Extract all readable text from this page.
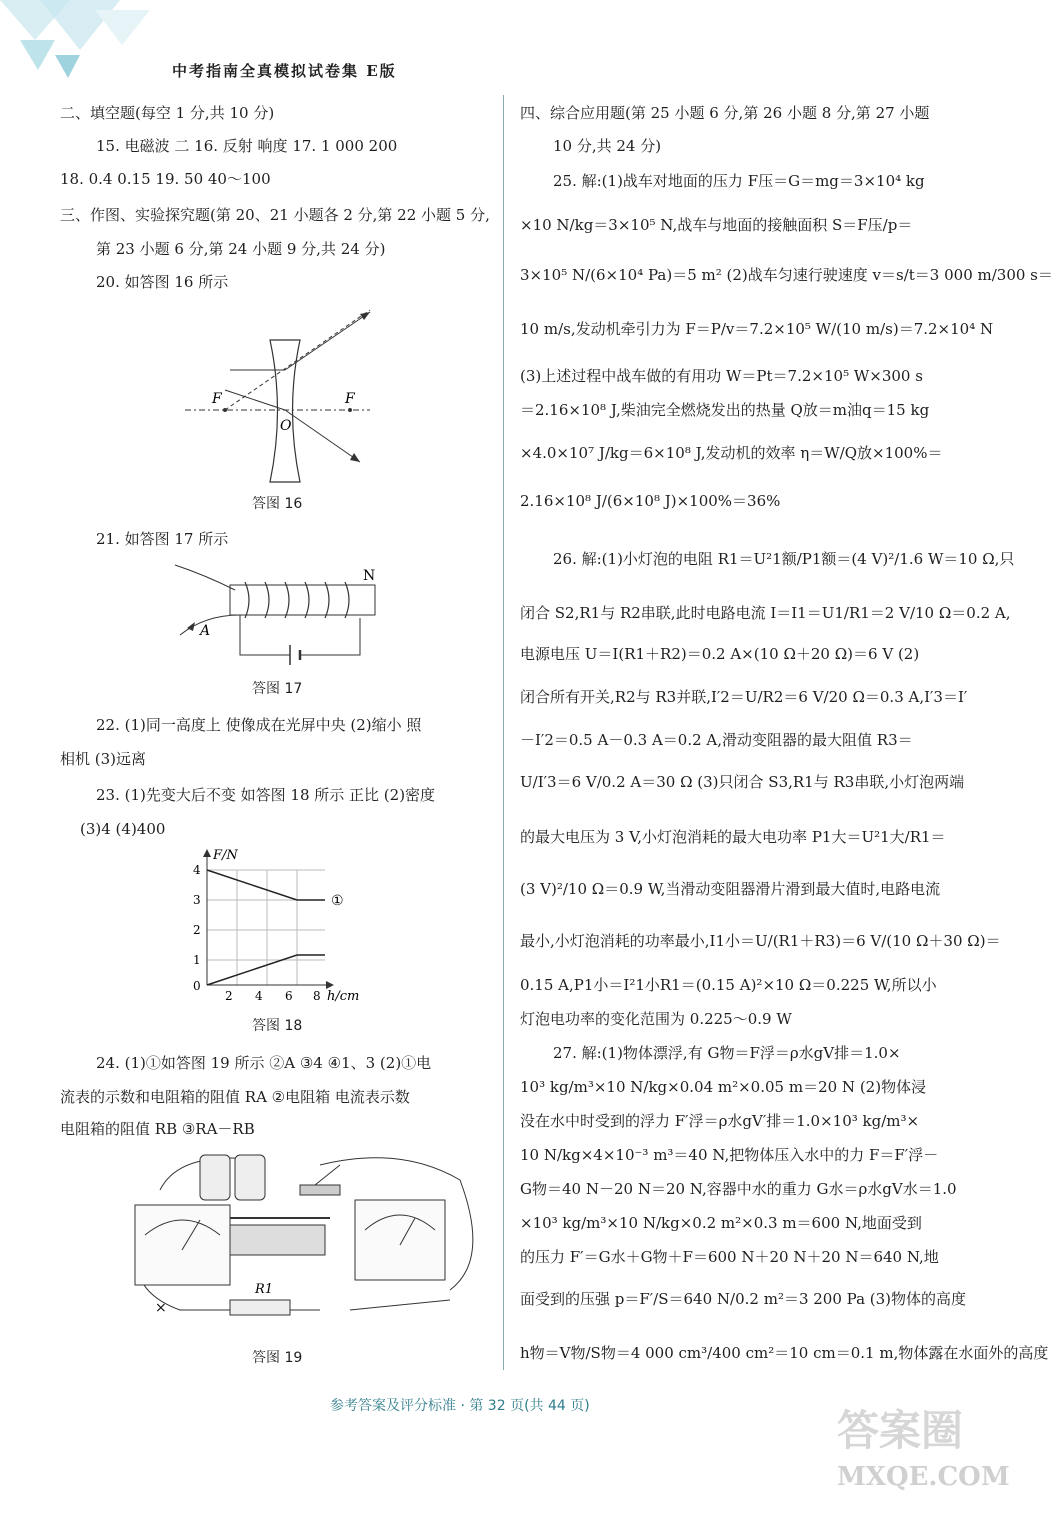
中考指南全真模拟试卷集 E版
二、填空题(每空 1 分,共 10 分)
15. 电磁波 二 16. 反射 响度 17. 1 000 200
18. 0.4 0.15 19. 50 40～100
三、作图、实验探究题(第 20、21 小题各 2 分,第 22 小题 5 分,
第 23 小题 6 分,第 24 小题 9 分,共 24 分)
20. 如答图 16 所示
21. 如答图 17 所示
22. (1)同一高度上 使像成在光屏中央 (2)缩小 照
相机 (3)远离
23. (1)先变大后不变 如答图 18 所示 正比 (2)密度
(3)4 (4)400
24. (1)①如答图 19 所示 ②A ③4 ④1、3 (2)①电
流表的示数和电阻箱的阻值 RA ②电阻箱 电流表示数
电阻箱的阻值 RB ③RA－RB
四、综合应用题(第 25 小题 6 分,第 26 小题 8 分,第 27 小题
10 分,共 24 分)
25. 解:(1)战车对地面的压力 F压＝G＝mg＝3×10⁴ kg
×10 N/kg＝3×10⁵ N,战车与地面的接触面积 S＝F压/p＝
3×10⁵ N/(6×10⁴ Pa)＝5 m² (2)战车匀速行驶速度 v＝s/t＝3 000 m/300 s＝
10 m/s,发动机牵引力为 F＝P/v＝7.2×10⁵ W/(10 m/s)＝7.2×10⁴ N
(3)上述过程中战车做的有用功 W＝Pt＝7.2×10⁵ W×300 s
＝2.16×10⁸ J,柴油完全燃烧发出的热量 Q放＝m油q＝15 kg
×4.0×10⁷ J/kg＝6×10⁸ J,发动机的效率 η＝W/Q放×100%＝
2.16×10⁸ J/(6×10⁸ J)×100%＝36%
26. 解:(1)小灯泡的电阻 R1＝U²1额/P1额＝(4 V)²/1.6 W＝10 Ω,只
闭合 S2,R1与 R2串联,此时电路电流 I＝I1＝U1/R1＝2 V/10 Ω＝0.2 A,
电源电压 U＝I(R1＋R2)＝0.2 A×(10 Ω＋20 Ω)＝6 V (2)
闭合所有开关,R2与 R3并联,I′2＝U/R2＝6 V/20 Ω＝0.3 A,I′3＝I′
－I′2＝0.5 A－0.3 A＝0.2 A,滑动变阻器的最大阻值 R3＝
U/I′3＝6 V/0.2 A＝30 Ω (3)只闭合 S3,R1与 R3串联,小灯泡两端
的最大电压为 3 V,小灯泡消耗的最大电功率 P1大＝U²1大/R1＝
(3 V)²/10 Ω＝0.9 W,当滑动变阻器滑片滑到最大值时,电路电流
最小,小灯泡消耗的功率最小,I1小＝U/(R1＋R3)＝6 V/(10 Ω＋30 Ω)＝
0.15 A,P1小＝I²1小R1＝(0.15 A)²×10 Ω＝0.225 W,所以小
灯泡电功率的变化范围为 0.225～0.9 W
27. 解:(1)物体漂浮,有 G物＝F浮＝ρ水gV排＝1.0×
10³ kg/m³×10 N/kg×0.04 m²×0.05 m＝20 N (2)物体浸
没在水中时受到的浮力 F′浮＝ρ水gV′排＝1.0×10³ kg/m³×
10 N/kg×4×10⁻³ m³＝40 N,把物体压入水中的力 F＝F′浮－
G物＝40 N－20 N＝20 N,容器中水的重力 G水＝ρ水gV水＝1.0
×10³ kg/m³×10 N/kg×0.2 m²×0.3 m＝600 N,地面受到
的压力 F′＝G水＋G物＋F＝600 N＋20 N＋20 N＝640 N,地
面受到的压强 p＝F′/S＝640 N/0.2 m²＝3 200 Pa (3)物体的高度
h物＝V物/S物＝4 000 cm³/400 cm²＝10 cm＝0.1 m,物体露在水面外的高度
答图 16
答图 17
答图 18
答图 19
F	F
O
N
A
F/N
h/cm
①
0
1
2
3
4
2 4 6 8
R1
×
参考答案及评分标准 · 第 32 页(共 44 页)	答案圈
MXQE.COM
